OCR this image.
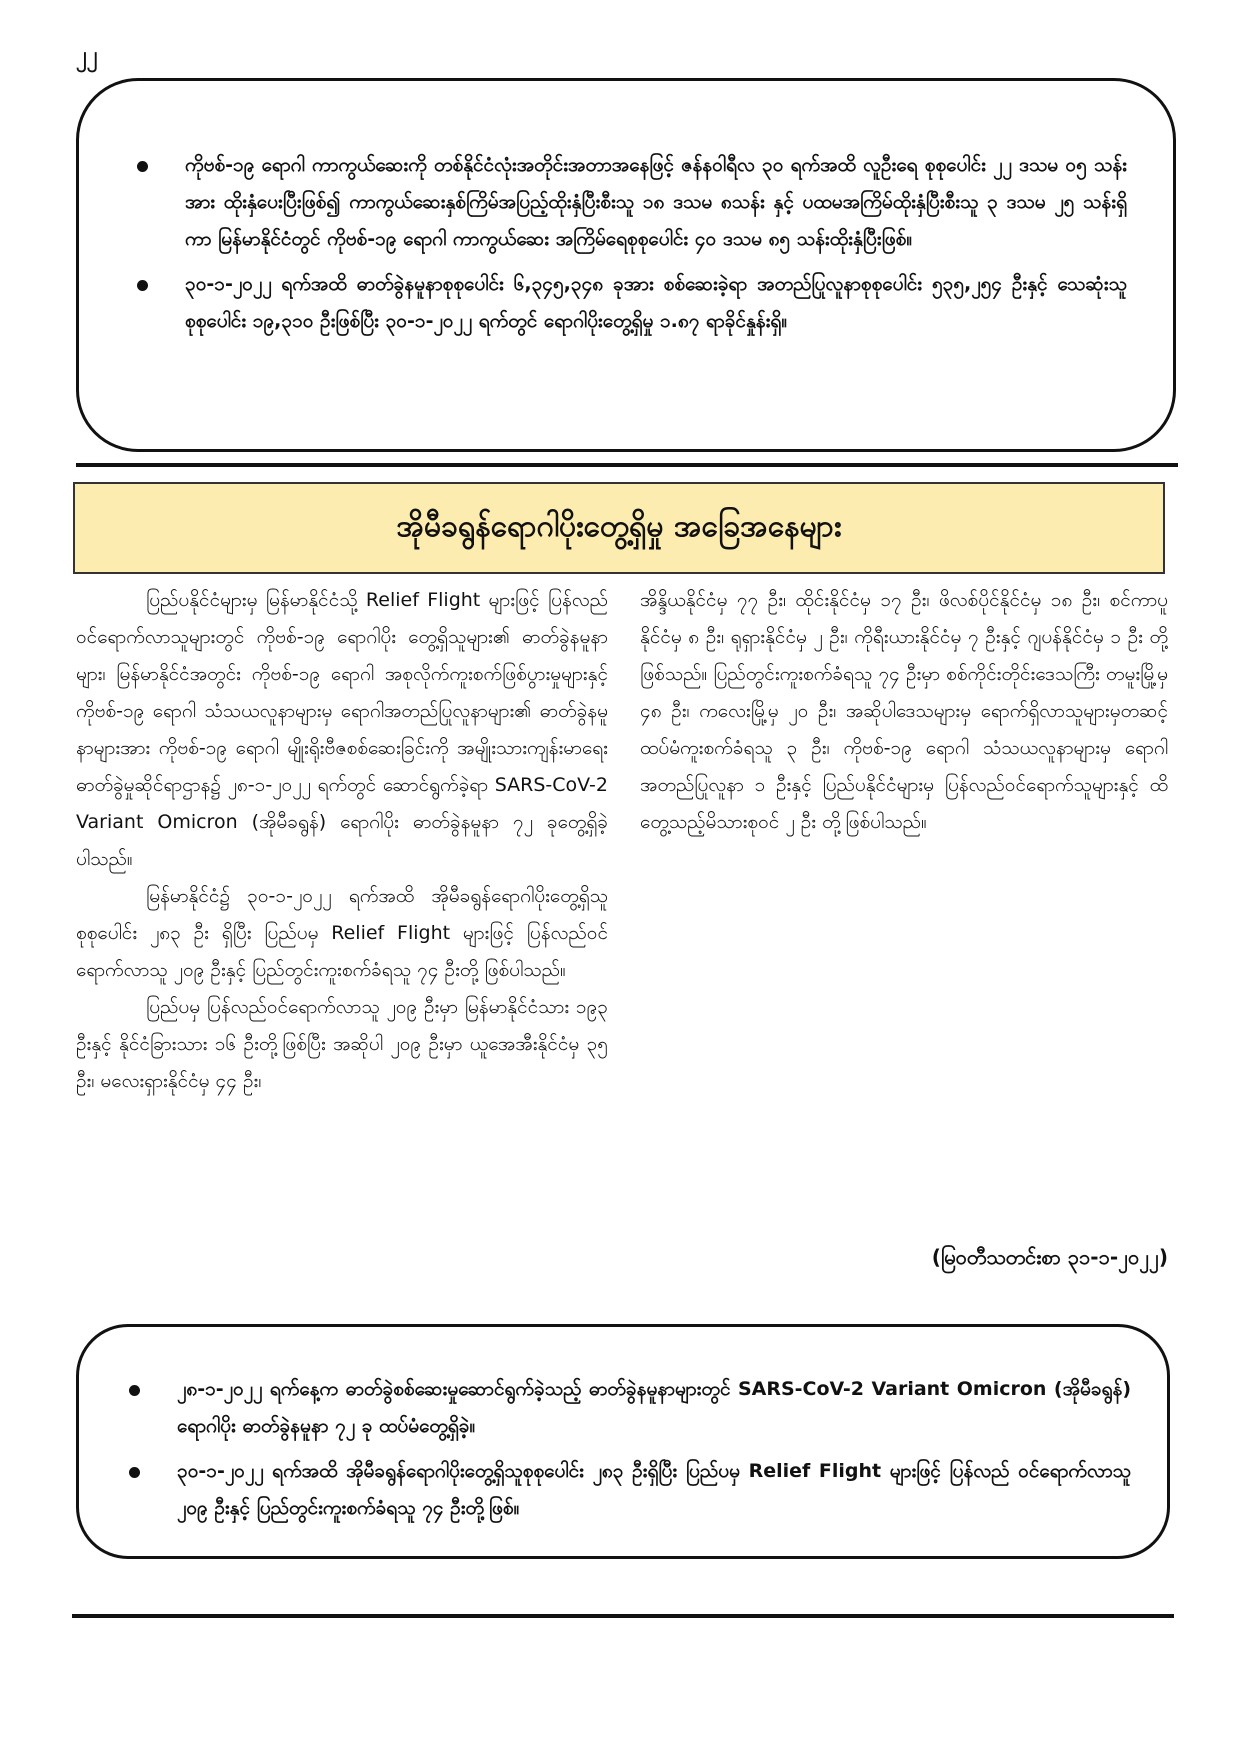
၂၂
ကိုဗစ်-၁၉ ရောဂါ ကာကွယ်ဆေးကို တစ်နိုင်ငံလုံးအတိုင်းအတာအနေဖြင့် ဇန်နဝါရီလ ၃၀ ရက်အထိ လူဦးရေ စုစုပေါင်း ၂၂ ဒသမ ၀၅ သန်းအား ထိုးနှံပေးပြီးဖြစ်၍ ကာကွယ်ဆေးနှစ်ကြိမ်အပြည့်ထိုးနှံပြီးစီးသူ ၁၈ ဒသမ ၈သန်း နှင့် ပထမအကြိမ်ထိုးနှံပြီးစီးသူ ၃ ဒသမ ၂၅ သန်းရှိကာ မြန်မာနိုင်ငံတွင် ကိုဗစ်-၁၉ ရောဂါ ကာကွယ်ဆေး အကြိမ်ရေစုစုပေါင်း ၄၀ ဒသမ ၈၅ သန်းထိုးနှံပြီးဖြစ်။
၃၀-၁-၂၀၂၂ ရက်အထိ ဓာတ်ခွဲနမူနာစုစုပေါင်း ၆,၃၄၅,၃၄၈ ခုအား စစ်ဆေးခဲ့ရာ အတည်ပြုလူနာစုစုပေါင်း ၅၃၅,၂၅၄ ဦးနှင့် သေဆုံးသူစုစုပေါင်း ၁၉,၃၁၀ ဦးဖြစ်ပြီး ၃၀-၁-၂၀၂၂ ရက်တွင် ရောဂါပိုးတွေ့ရှိမှု ၁.၈၇ ရာခိုင်နှုန်းရှိ။
အိုမီခရွန်ရောဂါပိုးတွေ့ရှိမှု အခြေအနေများ

ပြည်ပနိုင်ငံများမှ မြန်မာနိုင်ငံသို့ Relief Flight များဖြင့် ပြန်လည်ဝင်ရောက်လာသူများတွင် ကိုဗစ်-၁၉ ရောဂါပိုး တွေ့ရှိသူများ၏ ဓာတ်ခွဲနမူနာများ၊ မြန်မာနိုင်ငံအတွင်း ကိုဗစ်-၁၉ ရောဂါ အစုလိုက်ကူးစက်ဖြစ်ပွားမှုများနှင့် ကိုဗစ်-၁၉ ရောဂါ သံသယလူနာများမှ ရောဂါအတည်ပြုလူနာများ၏ ဓာတ်ခွဲနမူနာများအား ကိုဗစ်-၁၉ ရောဂါ မျိုးရိုးဗီဇစစ်ဆေးခြင်းကို အမျိုးသားကျန်းမာရေးဓာတ်ခွဲမှုဆိုင်ရာဌာန၌ ၂၈-၁-၂၀၂၂ ရက်တွင် ဆောင်ရွက်ခဲ့ရာ SARS-CoV-2 Variant Omicron (အိုမီခရွန်) ရောဂါပိုး ဓာတ်ခွဲနမူနာ ၇၂ ခုတွေ့ရှိခဲ့ပါသည်။

မြန်မာနိုင်ငံ၌ ၃၀-၁-၂၀၂၂ ရက်အထိ အိုမီခရွန်ရောဂါပိုးတွေ့ရှိသူစုစုပေါင်း ၂၈၃ ဦး ရှိပြီး ပြည်ပမှ Relief Flight များဖြင့် ပြန်လည်ဝင်ရောက်လာသူ ၂၀၉ ဦးနှင့် ပြည်တွင်းကူးစက်ခံရသူ ၇၄ ဦးတို့ ဖြစ်ပါသည်။

ပြည်ပမှ ပြန်လည်ဝင်ရောက်လာသူ ၂၀၉ ဦးမှာ မြန်မာနိုင်ငံသား ၁၉၃ ဦးနှင့် နိုင်ငံခြားသား ၁၆ ဦးတို့ဖြစ်ပြီး အဆိုပါ ၂၀၉ ဦးမှာ ယူအေအီးနိုင်ငံမှ ၃၅ ဦး၊ မလေးရှားနိုင်ငံမှ ၄၄ ဦး၊

အိန္ဒိယနိုင်ငံမှ ၇၇ ဦး၊ ထိုင်းနိုင်ငံမှ ၁၇ ဦး၊ ဖိလစ်ပိုင်နိုင်ငံမှ ၁၈ ဦး၊ စင်ကာပူနိုင်ငံမှ ၈ ဦး၊ ရုရှားနိုင်ငံမှ ၂ ဦး၊ ကိုရီးယားနိုင်ငံမှ ၇ ဦးနှင့် ဂျပန်နိုင်ငံမှ ၁ ဦး တို့ဖြစ်သည်။ ပြည်တွင်းကူးစက်ခံရသူ ၇၄ ဦးမှာ စစ်ကိုင်းတိုင်းဒေသကြီး တမူးမြို့မှ ၄၈ ဦး၊ ကလေးမြို့မှ ၂၀ ဦး၊ အဆိုပါဒေသများမှ ရောက်ရှိလာသူများမှတဆင့် ထပ်မံကူးစက်ခံရသူ ၃ ဦး၊ ကိုဗစ်-၁၉ ရောဂါ သံသယလူနာများမှ ရောဂါအတည်ပြုလူနာ ၁ ဦးနှင့် ပြည်ပနိုင်ငံများမှ ပြန်လည်ဝင်ရောက်သူများနှင့် ထိတွေ့သည့်မိသားစုဝင် ၂ ဦး တို့ဖြစ်ပါသည်။

(မြဝတီသတင်းစာ ၃၁-၁-၂၀၂၂)
၂၈-၁-၂၀၂၂ ရက်နေ့က ဓာတ်ခွဲစစ်ဆေးမှုဆောင်ရွက်ခဲ့သည့် ဓာတ်ခွဲနမူနာများတွင် SARS-CoV-2 Variant Omicron (အိုမီခရွန်) ရောဂါပိုး ဓာတ်ခွဲနမူနာ ၇၂ ခု ထပ်မံတွေ့ရှိခဲ့။
၃၀-၁-၂၀၂၂ ရက်အထိ အိုမီခရွန်ရောဂါပိုးတွေ့ရှိသူစုစုပေါင်း ၂၈၃ ဦးရှိပြီး ပြည်ပမှ Relief Flight များဖြင့် ပြန်လည် ဝင်ရောက်လာသူ ၂၀၉ ဦးနှင့် ပြည်တွင်းကူးစက်ခံရသူ ၇၄ ဦးတို့ဖြစ်။
